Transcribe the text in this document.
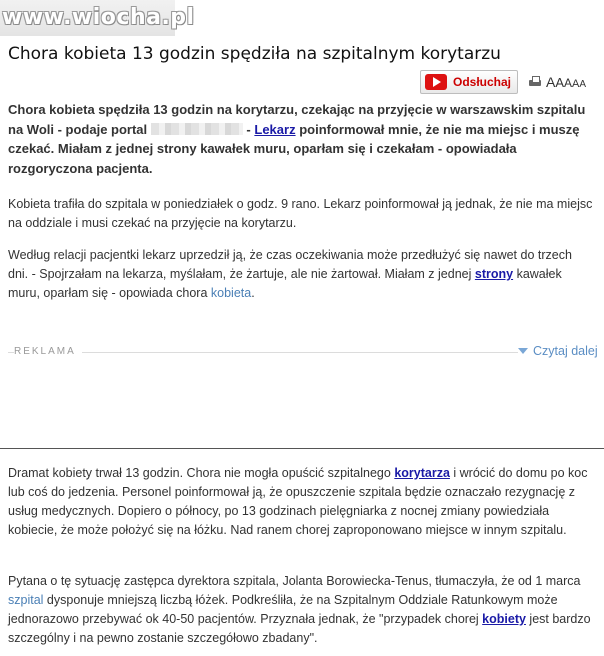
www.wiocha.pl
Chora kobieta 13 godzin spędziła na szpitalnym korytarzu
Odsłuchaj	A A A A A
Chora kobieta spędziła 13 godzin na korytarzu, czekając na przyjęcie w warszawskim szpitalu na Woli - podaje portal	- Lekarz poinformował mnie, że nie ma miejsc i muszę czekać. Miałam z jednej strony kawałek muru, oparłam się i czekałam - opowiadała rozgoryczona pacjenta.
Kobieta trafiła do szpitala w poniedziałek o godz. 9 rano. Lekarz poinformował ją jednak, że nie ma miejsc na oddziale i musi czekać na przyjęcie na korytarzu.
Według relacji pacjentki lekarz uprzedził ją, że czas oczekiwania może przedłużyć się nawet do trzech dni. - Spojrzałam na lekarza, myślałam, że żartuje, ale nie żartował. Miałam z jednej strony kawałek muru, oparłam się - opowiada chora kobieta.
REKLAMA	Czytaj dalej
Dramat kobiety trwał 13 godzin. Chora nie mogła opuścić szpitalnego korytarza i wrócić do domu po koc lub coś do jedzenia. Personel poinformował ją, że opuszczenie szpitala będzie oznaczało rezygnację z usług medycznych. Dopiero o północy, po 13 godzinach pielęgniarka z nocnej zmiany powiedziała kobiecie, że może położyć się na łóżku. Nad ranem chorej zaproponowano miejsce w innym szpitalu.
Pytana o tę sytuację zastępca dyrektora szpitala, Jolanta Borowiecka-Tenus, tłumaczyła, że od 1 marca szpital dysponuje mniejszą liczbą łóżek. Podkreśliła, że na Szpitalnym Oddziale Ratunkowym może jednorazowo przebywać ok 40-50 pacjentów. Przyznała jednak, że "przypadek chorej kobiety jest bardzo szczególny i na pewno zostanie szczegółowo zbadany".
